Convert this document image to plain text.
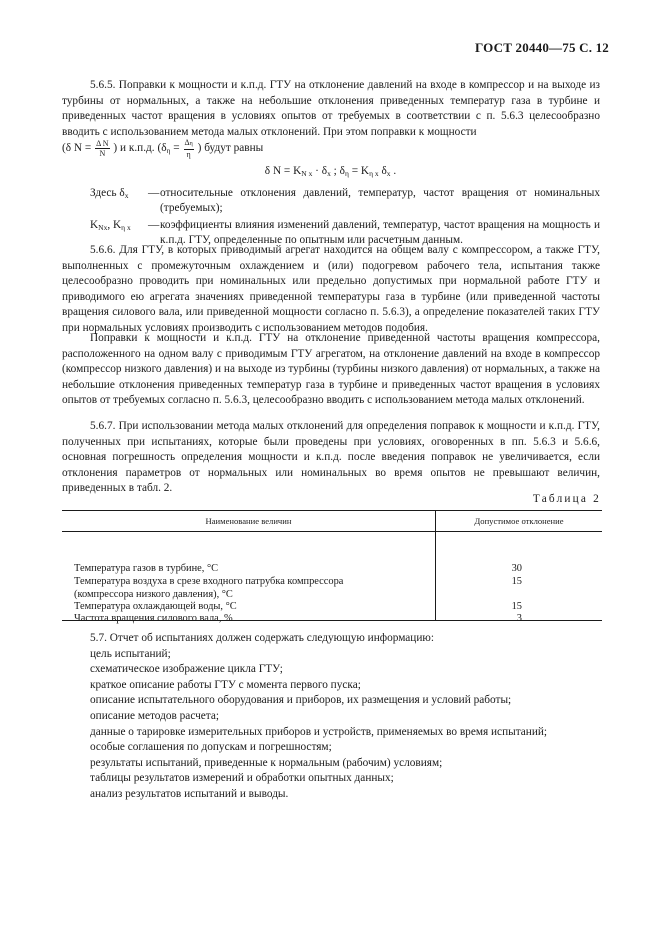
ГОСТ 20440—75 С. 12

5.6.5. Поправки к мощности и к.п.д. ГТУ на отклонение давлений на входе в компрессор и на выходе из турбины от нормальных, а также на небольшие отклонения приведенных температур газа в турбине и приведенных частот вращения в условиях опытов от требуемых в соответствии с п. 5.6.3 целесообразно вводить с использованием метода малых отклонений. При этом поправки к мощности

(δ $N = \frac{\text{Δ N}}{N}$ ) и к.п.д. ($\delta_\eta = \frac{\Delta\eta}{\eta}$ ) будут равны
δ $N = K_{N x} \cdot \delta_x$ ; $\delta_\eta = K_{\eta x}$ $\delta_x$ .
Здесь $\delta_x$	— относительные отклонения давлений, температур, частот вращения от номинальных (требуемых);
$K_{Nx}$, $K_{\eta x}$	— коэффициенты влияния изменений давлений, температур, частот вращения на мощность и к.п.д. ГТУ, определенные по опытным или расчетным данным.

5.6.6. Для ГТУ, в которых приводимый агрегат находится на общем валу с компрессором, а также ГТУ, выполненных с промежуточным охлаждением и (или) подогревом рабочего тела, испытания также целесообразно проводить при номинальных или предельно допустимых при нормальной работе ГТУ и приводимого ею агрегата значениях приведенной температуры газа в турбине (или приведенной частоты вращения силового вала, или приведенной мощности согласно п. 5.6.3), а определение показателей таких ГТУ при нормальных условиях производить с использованием методов подобия.

Поправки к мощности и к.п.д. ГТУ на отклонение приведенной частоты вращения компрессора, расположенного на одном валу с приводимым ГТУ агрегатом, на отклонение давлений на входе в компрессор (компрессор низкого давления) и на выходе из турбины (турбины низкого давления) от нормальных, а также на небольшие отклонения приведенных температур газа в турбине и приведенных частот вращения в условиях опытов от требуемых согласно п. 5.6.3, целесообразно вводить с использованием метода малых отклонений.

5.6.7. При использовании метода малых отклонений для определения поправок к мощности и к.п.д. ГТУ, полученных при испытаниях, которые были проведены при условиях, оговоренных в пп. 5.6.3 и 5.6.6, основная погрешность определения мощности и к.п.д. после введения поправок не увеличивается, если отклонения параметров от нормальных или номинальных во время опытов не превышают величин, приведенных в табл. 2.

Таблица 2
Наименование величин	Допустимое отклонение
Температура газов в турбине, °С	30
Температура воздуха в срезе входного патрубка компрессора	15
(компрессора низкого давления), °С
Температура охлаждающей воды, °С	15
Частота вращения силового вала, %	3
5.7. Отчет об испытаниях должен содержать следующую информацию:
цель испытаний;
схематическое изображение цикла ГТУ;
краткое описание работы ГТУ с момента первого пуска;
описание испытательного оборудования и приборов, их размещения и условий работы;
описание методов расчета;
данные о тарировке измерительных приборов и устройств, применяемых во время испытаний;
особые соглашения по допускам и погрешностям;
результаты испытаний, приведенные к нормальным (рабочим) условиям;
таблицы результатов измерений и обработки опытных данных;
анализ результатов испытаний и выводы.
